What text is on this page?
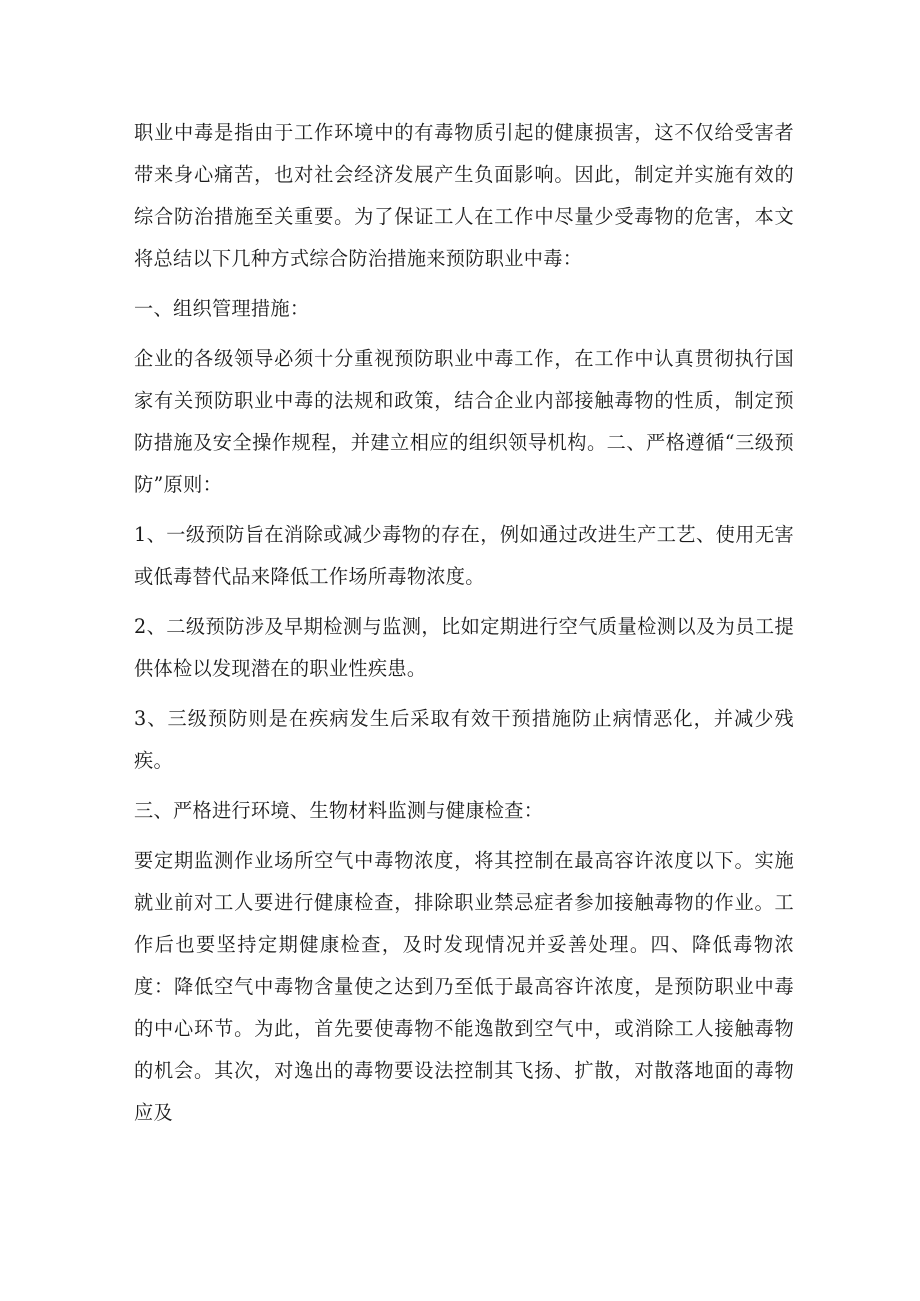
职业中毒是指由于工作环境中的有毒物质引起的健康损害，这不仅给受害者带来身心痛苦，也对社会经济发展产生负面影响。因此，制定并实施有效的综合防治措施至关重要。为了保证工人在工作中尽量少受毒物的危害，本文将总结以下几种方式综合防治措施来预防职业中毒：

一、组织管理措施：

企业的各级领导必须十分重视预防职业中毒工作，在工作中认真贯彻执行国家有关预防职业中毒的法规和政策，结合企业内部接触毒物的性质，制定预防措施及安全操作规程，并建立相应的组织领导机构。二、严格遵循“三级预防”原则：

1、一级预防旨在消除或减少毒物的存在，例如通过改进生产工艺、使用无害或低毒替代品来降低工作场所毒物浓度。

2、二级预防涉及早期检测与监测，比如定期进行空气质量检测以及为员工提供体检以发现潜在的职业性疾患。

3、三级预防则是在疾病发生后采取有效干预措施防止病情恶化，并减少残疾。

三、严格进行环境、生物材料监测与健康检查：

要定期监测作业场所空气中毒物浓度，将其控制在最高容许浓度以下。实施就业前对工人要进行健康检查，排除职业禁忌症者参加接触毒物的作业。工作后也要坚持定期健康检查，及时发现情况并妥善处理。四、降低毒物浓度：降低空气中毒物含量使之达到乃至低于最高容许浓度，是预防职业中毒的中心环节。为此，首先要使毒物不能逸散到空气中，或消除工人接触毒物的机会。其次，对逸出的毒物要设法控制其飞扬、扩散，对散落地面的毒物应及
